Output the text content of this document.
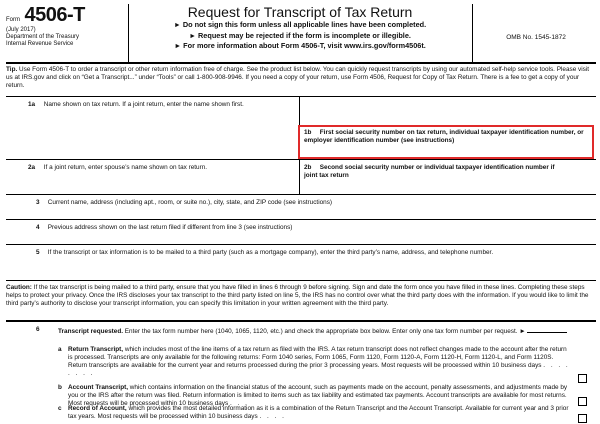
Form 4506-T
(July 2017)
Department of the Treasury
Internal Revenue Service
Request for Transcript of Tax Return
► Do not sign this form unless all applicable lines have been completed.
► Request may be rejected if the form is incomplete or illegible.
► For more information about Form 4506-T, visit www.irs.gov/form4506t.
OMB No. 1545-1872
Tip. Use Form 4506-T to order a transcript or other return information free of charge. See the product list below. You can quickly request transcripts by using our automated self-help service tools. Please visit us at IRS.gov and click on “Get a Transcript...” under “Tools” or call 1-800-908-9946. If you need a copy of your return, use Form 4506, Request for Copy of Tax Return. There is a fee to get a copy of your return.
1a Name shown on tax return. If a joint return, enter the name shown first.
1b First social security number on tax return, individual taxpayer identification number, or employer identification number (see instructions)
2a If a joint return, enter spouse’s name shown on tax return.	2b Second social security number or individual taxpayer identification number if joint tax return
3 Current name, address (including apt., room, or suite no.), city, state, and ZIP code (see instructions)
4 Previous address shown on the last return filed if different from line 3 (see instructions)
5 If the transcript or tax information is to be mailed to a third party (such as a mortgage company), enter the third party’s name, address, and telephone number.
Caution: If the tax transcript is being mailed to a third party, ensure that you have filled in lines 6 through 9 before signing. Sign and date the form once you have filled in these lines. Completing these steps helps to protect your privacy. Once the IRS discloses your tax transcript to the third party listed on line 5, the IRS has no control over what the third party does with the information. If you would like to limit the third party’s authority to disclose your transcript information, you can specify this limitation in your written agreement with the third party.
6	Transcript requested. Enter the tax form number here (1040, 1065, 1120, etc.) and check the appropriate box below. Enter only one tax form number per request. ►
a Return Transcript, which includes most of the line items of a tax return as filed with the IRS. A tax return transcript does not reflect changes made to the account after the return is processed. Transcripts are only available for the following returns: Form 1040 series, Form 1065, Form 1120, Form 1120-A, Form 1120-H, Form 1120-L, and Form 1120S. Return transcripts are available for the current year and returns processed during the prior 3 processing years. Most requests will be processed within 10 business days . . . . . . . .
b Account Transcript, which contains information on the financial status of the account, such as payments made on the account, penalty assessments, and adjustments made by you or the IRS after the return was filed. Return information is limited to items such as tax liability and estimated tax payments. Account transcripts are available for most returns. Most requests will be processed within 10 business days . . .
c Record of Account, which provides the most detailed information as it is a combination of the Return Transcript and the Account Transcript. Available for current year and 3 prior tax years. Most requests will be processed within 10 business days . . . .
